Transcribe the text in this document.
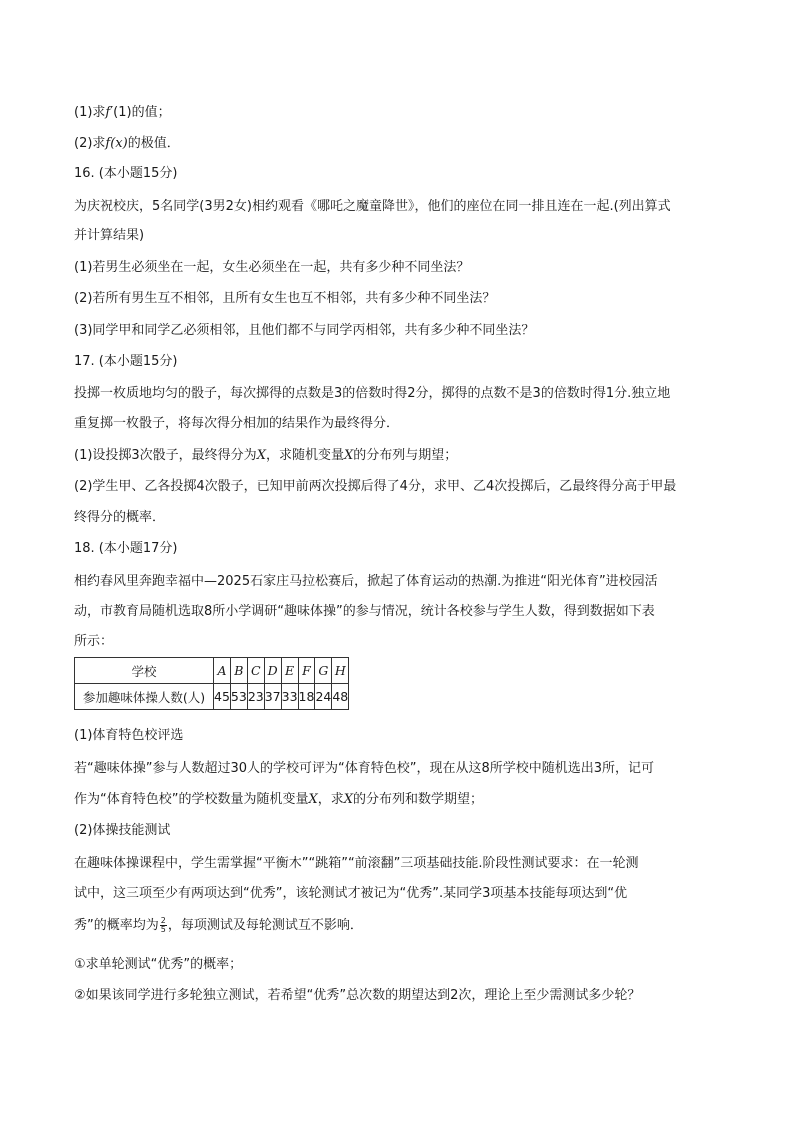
(1)求f′(1)的值；
(2)求f(x)的极值．
16. (本小题15分)
为庆祝校庆，5名同学(3男2女)相约观看《哪吒之魔童降世》，他们的座位在同一排且连在一起.(列出算式
并计算结果)
(1)若男生必须坐在一起，女生必须坐在一起，共有多少种不同坐法？
(2)若所有男生互不相邻，且所有女生也互不相邻，共有多少种不同坐法？
(3)同学甲和同学乙必须相邻，且他们都不与同学丙相邻，共有多少种不同坐法？
17. (本小题15分)
投掷一枚质地均匀的骰子，每次掷得的点数是3的倍数时得2分，掷得的点数不是3的倍数时得1分.独立地
重复掷一枚骰子，将每次得分相加的结果作为最终得分．
(1)设投掷3次骰子，最终得分为X，求随机变量X的分布列与期望；
(2)学生甲、乙各投掷4次骰子，已知甲前两次投掷后得了4分，求甲、乙4次投掷后，乙最终得分高于甲最
终得分的概率．
18. (本小题17分)
相约春风里奔跑幸福中—2025石家庄马拉松赛后，掀起了体育运动的热潮.为推进“阳光体育”进校园活
动，市教育局随机选取8所小学调研“趣味体操”的参与情况，统计各校参与学生人数，得到数据如下表
所示：
学校	A	B	C	D	E	F	G	H
参加趣味体操人数(人)	45	53	23	37	33	18	24	48
(1)体育特色校评选
若“趣味体操”参与人数超过30人的学校可评为“体育特色校”，现在从这8所学校中随机选出3所，记可
作为“体育特色校”的学校数量为随机变量X，求X的分布列和数学期望；
(2)体操技能测试
在趣味体操课程中，学生需掌握“平衡木”“跳箱”“前滚翻”三项基础技能.阶段性测试要求：在一轮测
试中，这三项至少有两项达到“优秀”，该轮测试才被记为“优秀”.某同学3项基本技能每项达到“优
秀”的概率均为 $\frac{2}{5}$ ，每项测试及每轮测试互不影响．
①求单轮测试“优秀”的概率；
②如果该同学进行多轮独立测试，若希望“优秀”总次数的期望达到2次，理论上至少需测试多少轮？
